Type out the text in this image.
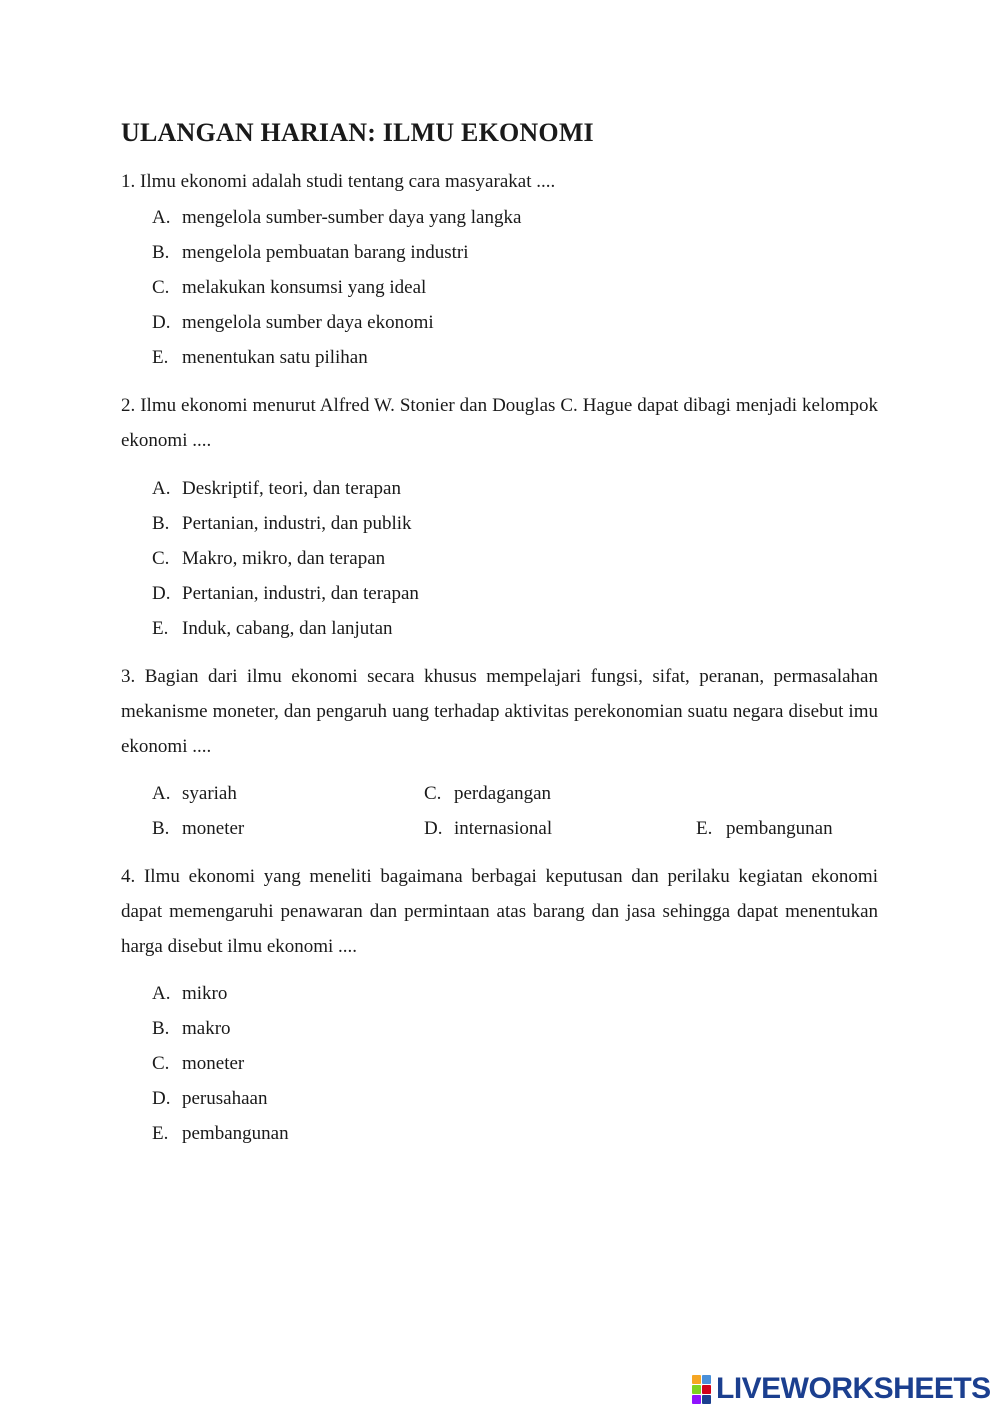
ULANGAN HARIAN: ILMU EKONOMI

1. Ilmu ekonomi adalah studi tentang cara masyarakat ....

A. mengelola sumber-sumber daya yang langka
B. mengelola pembuatan barang industri
C. melakukan konsumsi yang ideal
D. mengelola sumber daya ekonomi
E. menentukan satu pilihan

2. Ilmu ekonomi menurut Alfred W. Stonier dan Douglas C. Hague dapat dibagi menjadi kelompok ekonomi ....

A. Deskriptif, teori, dan terapan
B. Pertanian, industri, dan publik
C. Makro, mikro, dan terapan
D. Pertanian, industri, dan terapan
E. Induk, cabang, dan lanjutan

3. Bagian dari ilmu ekonomi secara khusus mempelajari fungsi, sifat, peranan, permasalahan mekanisme moneter, dan pengaruh uang terhadap aktivitas perekonomian suatu negara disebut imu ekonomi ....

A. syariah
B. moneter
C. perdagangan
D. internasional	E. pembangunan

4. Ilmu ekonomi yang meneliti bagaimana berbagai keputusan dan perilaku kegiatan ekonomi dapat memengaruhi penawaran dan permintaan atas barang dan jasa sehingga dapat menentukan harga disebut ilmu ekonomi ....

A. mikro
B. makro
C. moneter
D. perusahaan
E. pembangunan
LIVEWORKSHEETS
